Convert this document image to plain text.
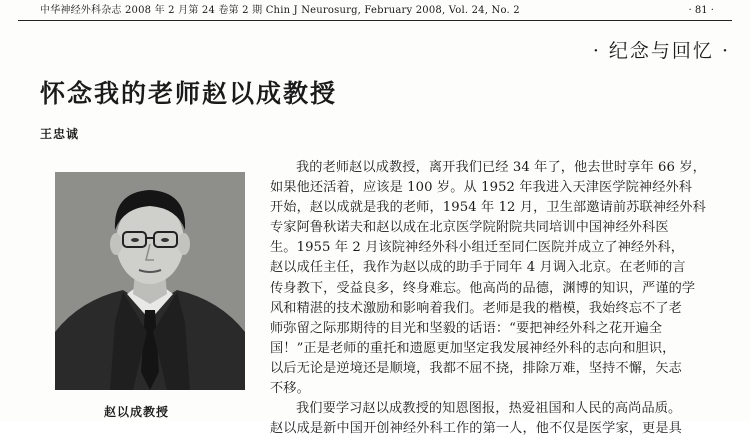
中华神经外科杂志 2008 年 2 月第 24 卷第 2 期 Chin J Neurosurg, February 2008, Vol. 24, No. 2	· 81 ·
· 纪念与回忆 ·
怀念我的老师赵以成教授
王忠诚
赵以成教授
我的老师赵以成教授，离开我们已经 34 年了，他去世时享年 66 岁，
如果他还活着，应该是 100 岁。从 1952 年我进入天津医学院神经外科
开始，赵以成就是我的老师，1954 年 12 月，卫生部邀请前苏联神经外科
专家阿鲁秋诺夫和赵以成在北京医学院附院共同培训中国神经外科医
生。1955 年 2 月该院神经外科小组迁至同仁医院并成立了神经外科，
赵以成任主任，我作为赵以成的助手于同年 4 月调入北京。在老师的言
传身教下，受益良多，终身难忘。他高尚的品德，渊博的知识，严谨的学
风和精湛的技术激励和影响着我们。老师是我的楷模，我始终忘不了老
师弥留之际那期待的目光和坚毅的话语：“要把神经外科之花开遍全
国！”正是老师的重托和遗愿更加坚定我发展神经外科的志向和胆识，
以后无论是逆境还是顺境，我都不屈不挠，排除万难，坚持不懈，矢志
不移。
我们要学习赵以成教授的知恩图报，热爱祖国和人民的高尚品质。
赵以成是新中国开创神经外科工作的第一人，他不仅是医学家，更是具
